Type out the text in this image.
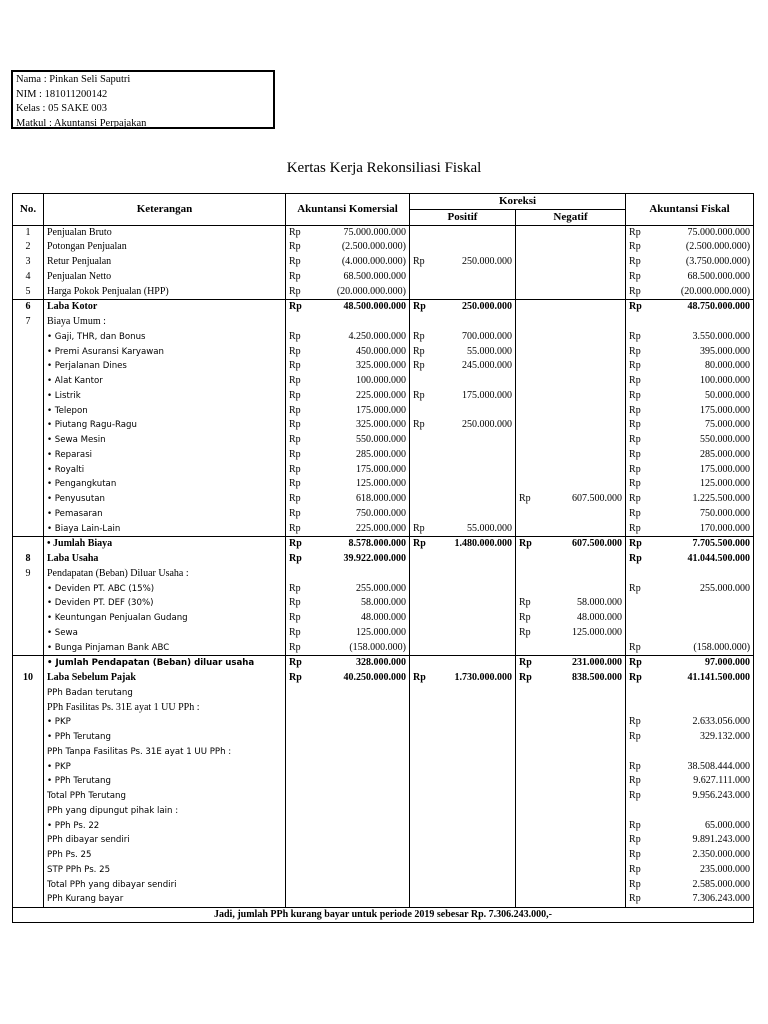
Nama : Pinkan Seli Saputri
NIM : 181011200142
Kelas : 05 SAKE 003
Matkul : Akuntansi Perpajakan
Kertas Kerja Rekonsiliasi Fiskal
No.	Keterangan	Akuntansi Komersial		Koreksi				Akuntansi Fiskal	
				Positif		Negatif			
1	Penjualan Bruto	Rp	75.000.000.000					Rp	75.000.000.000
2	Potongan Penjualan	Rp	(2.500.000.000)					Rp	(2.500.000.000)
3	Retur Penjualan	Rp	(4.000.000.000)	Rp	250.000.000			Rp	(3.750.000.000)
4	Penjualan Netto	Rp	68.500.000.000					Rp	68.500.000.000
5	Harga Pokok Penjualan (HPP)	Rp	(20.000.000.000)					Rp	(20.000.000.000)
6	Laba Kotor	Rp	48.500.000.000	Rp	250.000.000			Rp	48.750.000.000
7	Biaya Umum :								
	• Gaji, THR, dan Bonus	Rp	4.250.000.000	Rp	700.000.000			Rp	3.550.000.000
	• Premi Asuransi Karyawan	Rp	450.000.000	Rp	55.000.000			Rp	395.000.000
	• Perjalanan Dines	Rp	325.000.000	Rp	245.000.000			Rp	80.000.000
	• Alat Kantor	Rp	100.000.000					Rp	100.000.000
	• Listrik	Rp	225.000.000	Rp	175.000.000			Rp	50.000.000
	• Telepon	Rp	175.000.000					Rp	175.000.000
	• Piutang Ragu-Ragu	Rp	325.000.000	Rp	250.000.000			Rp	75.000.000
	• Sewa Mesin	Rp	550.000.000					Rp	550.000.000
	• Reparasi	Rp	285.000.000					Rp	285.000.000
	• Royalti	Rp	175.000.000					Rp	175.000.000
	• Pengangkutan	Rp	125.000.000					Rp	125.000.000
	• Penyusutan	Rp	618.000.000			Rp	607.500.000	Rp	1.225.500.000
	• Pemasaran	Rp	750.000.000					Rp	750.000.000
	• Biaya Lain-Lain	Rp	225.000.000	Rp	55.000.000			Rp	170.000.000
	• Jumlah Biaya	Rp	8.578.000.000	Rp	1.480.000.000	Rp	607.500.000	Rp	7.705.500.000
8	Laba Usaha	Rp	39.922.000.000					Rp	41.044.500.000
9	Pendapatan (Beban) Diluar Usaha :								
	• Deviden PT. ABC (15%)	Rp	255.000.000					Rp	255.000.000
	• Deviden PT. DEF (30%)	Rp	58.000.000			Rp	58.000.000		
	• Keuntungan Penjualan Gudang	Rp	48.000.000			Rp	48.000.000		
	• Sewa	Rp	125.000.000			Rp	125.000.000		
	• Bunga Pinjaman Bank ABC	Rp	(158.000.000)					Rp	(158.000.000)
	• Jumlah Pendapatan (Beban) diluar usaha	Rp	328.000.000			Rp	231.000.000	Rp	97.000.000
10	Laba Sebelum Pajak	Rp	40.250.000.000	Rp	1.730.000.000	Rp	838.500.000	Rp	41.141.500.000
	PPh Badan terutang								
	PPh Fasilitas Ps. 31E ayat 1 UU PPh :								
	• PKP							Rp	2.633.056.000
	• PPh Terutang							Rp	329.132.000
	PPh Tanpa Fasilitas Ps. 31E ayat 1 UU PPh :								
	• PKP							Rp	38.508.444.000
	• PPh Terutang							Rp	9.627.111.000
	Total PPh Terutang							Rp	9.956.243.000
	PPh yang dipungut pihak lain :								
	• PPh Ps. 22							Rp	65.000.000
	PPh dibayar sendiri							Rp	9.891.243.000
	PPh Ps. 25							Rp	2.350.000.000
	STP PPh Ps. 25							Rp	235.000.000
	Total PPh yang dibayar sendiri							Rp	2.585.000.000
	PPh Kurang bayar							Rp	7.306.243.000
Jadi, jumlah PPh kurang bayar untuk periode 2019 sebesar Rp. 7.306.243.000,-									
